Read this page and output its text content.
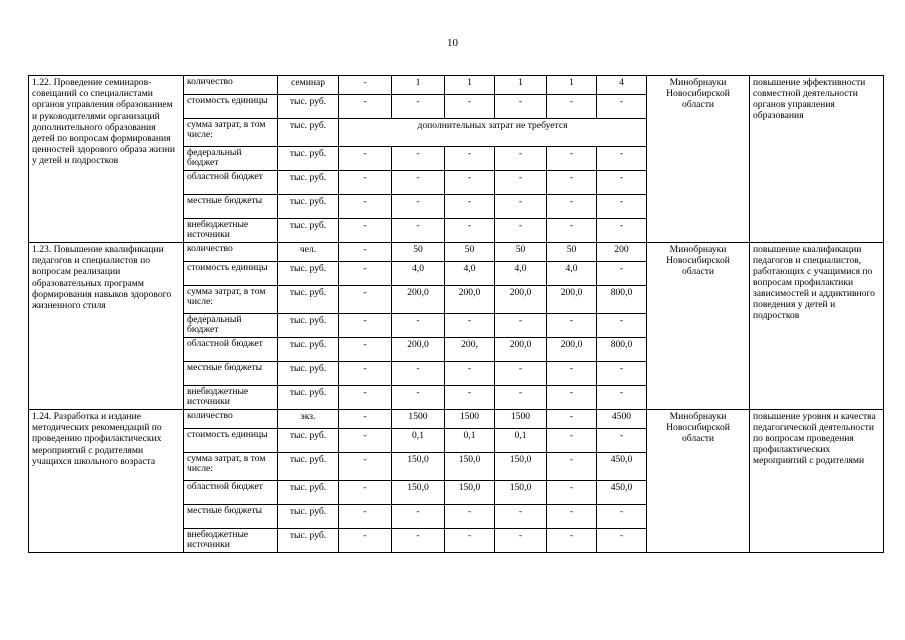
10
1.22. Проведение семинаров-совещаний со специалистами органов управления образованием и руководителями организаций дополнительного образования детей по вопросам формирования ценностей здорового образа жизни у детей и подростков	количество	семинар	-	1	1	1	1	4	Минобрнауки Новосибирской области	повышение эффективности совместной деятельности органов управления образования
	стоимость единицы	тыс. руб.	-	-	-	-	-	-		
	сумма затрат, в том числе:	тыс. руб.	дополнительных затрат не требуется							
	федеральный бюджет	тыс. руб.	-	-	-	-	-	-		
	областной бюджет	тыс. руб.	-	-	-	-	-	-		
	местные бюджеты	тыс. руб.	-	-	-	-	-	-		
	внебюджетные источники	тыс. руб.	-	-	-	-	-	-		
1.23. Повышение квалификации педагогов и специалистов по вопросам реализации образовательных программ формирования навыков здорового жизненного стиля	количество	чел.	-	50	50	50	50	200	Минобрнауки Новосибирской области	повышение квалификации педагогов и специалистов, работающих с учащимися по вопросам профилактики зависимостей и аддиктивного поведения у детей и подростков
	стоимость единицы	тыс. руб.	-	4,0	4,0	4,0	4,0	-		
	сумма затрат, в том числе:	тыс. руб.	-	200,0	200,0	200,0	200,0	800,0		
	федеральный бюджет	тыс. руб.	-	-	-	-	-	-		
	областной бюджет	тыс. руб.	-	200,0	200,	200,0	200,0	800,0		
	местные бюджеты	тыс. руб.	-	-	-	-	-	-		
	внебюджетные источники	тыс. руб.	-	-	-	-	-	-		
1.24. Разработка и издание методических рекомендаций по проведению профилактических мероприятий с родителями учащихся школьного возраста	количество	экз.	-	1500	1500	1500	-	4500	Минобрнауки Новосибирской области	повышение уровня и качества педагогической деятельности по вопросам проведения профилактических мероприятий с родителями
	стоимость единицы	тыс. руб.	-	0,1	0,1	0,1	-	-		
	сумма затрат, в том числе:	тыс. руб.	-	150,0	150,0	150,0	-	450,0		
	областной бюджет	тыс. руб.	-	150,0	150,0	150,0	-	450,0		
	местные бюджеты	тыс. руб.	-	-	-	-	-	-		
	внебюджетные источники	тыс. руб.	-	-	-	-	-	-		
